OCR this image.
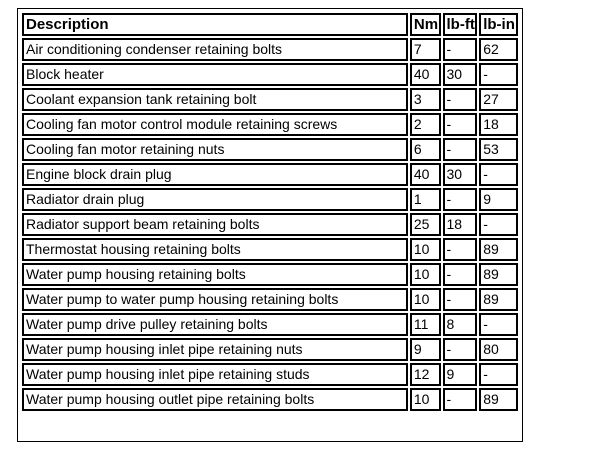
Description	Nm	lb-ft	lb-in
Air conditioning condenser retaining bolts	7	-	62
Block heater	40	30	-
Coolant expansion tank retaining bolt	3	-	27
Cooling fan motor control module retaining screws	2	-	18
Cooling fan motor retaining nuts	6	-	53
Engine block drain plug	40	30	-
Radiator drain plug	1	-	9
Radiator support beam retaining bolts	25	18	-
Thermostat housing retaining bolts	10	-	89
Water pump housing retaining bolts	10	-	89
Water pump to water pump housing retaining bolts	10	-	89
Water pump drive pulley retaining bolts	11	8	-
Water pump housing inlet pipe retaining nuts	9	-	80
Water pump housing inlet pipe retaining studs	12	9	-
Water pump housing outlet pipe retaining bolts	10	-	89
